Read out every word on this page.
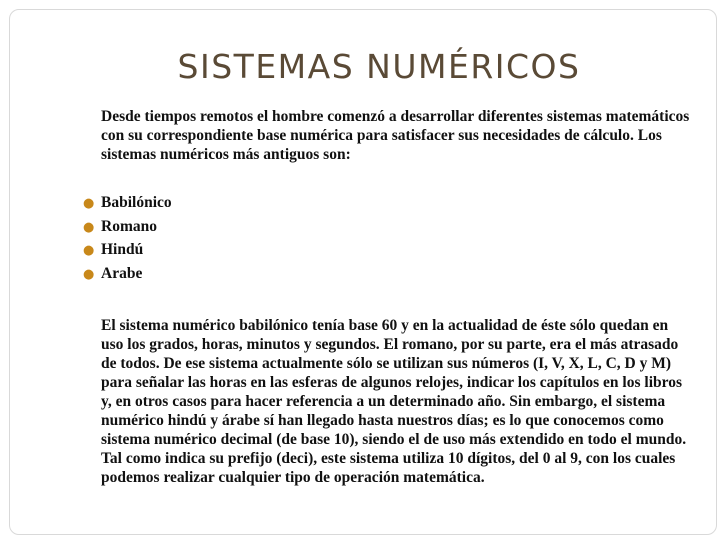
SISTEMAS NUMÉRICOS

Desde tiempos remotos el hombre comenzó a desarrollar diferentes sistemas matemáticos con su correspondiente base numérica para satisfacer sus necesidades de cálculo. Los sistemas numéricos más antiguos son:

● Babilónico
● Romano
● Hindú
● Arabe

El sistema numérico babilónico tenía base 60 y en la actualidad de éste sólo quedan en uso los grados, horas, minutos y segundos. El romano, por su parte, era el más atrasado de todos. De ese sistema actualmente sólo se utilizan sus números (I, V, X, L, C, D y M) para señalar las horas en las esferas de algunos relojes, indicar los capítulos en los libros y, en otros casos para hacer referencia a un determinado año. Sin embargo, el sistema numérico hindú y árabe sí han llegado hasta nuestros días; es lo que conocemos como sistema numérico decimal (de base 10), siendo el de uso más extendido en todo el mundo. Tal como indica su prefijo (deci), este sistema utiliza 10 dígitos, del 0 al 9, con los cuales podemos realizar cualquier tipo de operación matemática.
